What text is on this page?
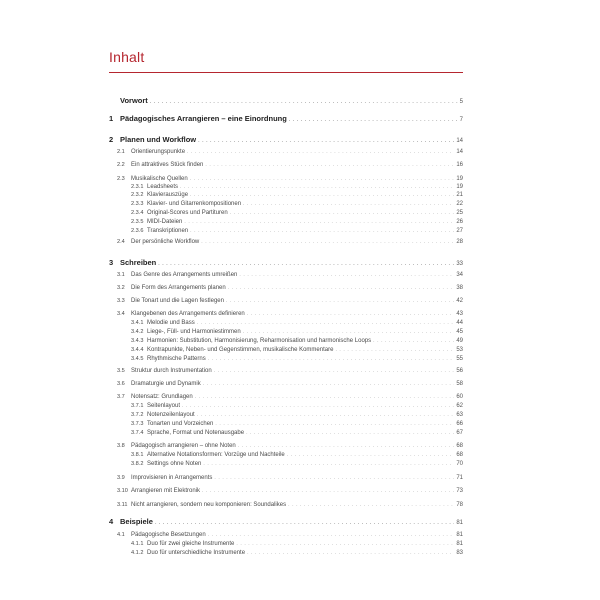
Inhalt
Vorwort . . .	5
1 Pädagogisches Arrangieren – eine Einordnung . . .	7
2 Planen und Workflow . . .	14
2.1	Orientierungspunkte . . .	14
2.2	Ein attraktives Stück finden . . .	16
2.3	Musikalische Quellen . . .	19
2.3.1 Leadsheets . . .	19
2.3.2 Klavierauszüge . . .	21
2.3.3 Klavier- und Gitarrenkompositionen . . .	22
2.3.4 Original-Scores und Partituren . . .	25
2.3.5 MIDI-Dateien . . .	26
2.3.6 Transkriptionen . . .	27
2.4	Der persönliche Workflow . . .	28
3 Schreiben . . .	33
3.1	Das Genre des Arrangements umreißen . . .	34
3.2	Die Form des Arrangements planen . . .	38
3.3	Die Tonart und die Lagen festlegen . . .	42
3.4	Klangebenen des Arrangements definieren . . .	43
3.4.1 Melodie und Bass . . .	44
3.4.2 Liege-, Füll- und Harmoniestimmen . . .	45
3.4.3 Harmonien: Substitution, Harmonisierung, Reharmonisation und harmonische Loops . . .	49
3.4.4 Kontrapunkte, Neben- und Gegenstimmen, musikalische Kommentare . . .	53
3.4.5 Rhythmische Patterns . . .	55
3.5	Struktur durch Instrumentation . . .	56
3.6	Dramaturgie und Dynamik . . .	58
3.7	Notensatz: Grundlagen . . .	60
3.7.1 Seitenlayout . . .	62
3.7.2 Notenzeilenlayout . . .	63
3.7.3 Tonarten und Vorzeichen . . .	66
3.7.4 Sprache, Format und Notenausgabe . . .	67
3.8	Pädagogisch arrangieren – ohne Noten . . .	68
3.8.1 Alternative Notationsformen: Vorzüge und Nachteile . . .	68
3.8.2 Settings ohne Noten . . .	70
3.9	Improvisieren in Arrangements . . .	71
3.10 Arrangieren mit Elektronik . . .	73
3.11 Nicht arrangieren, sondern neu komponieren: Soundalikes . . .	78
4 Beispiele . . .	81
4.1	Pädagogische Besetzungen . . .	81
4.1.1 Duo für zwei gleiche Instrumente . . .	81
4.1.2 Duo für unterschiedliche Instrumente . . .	83
